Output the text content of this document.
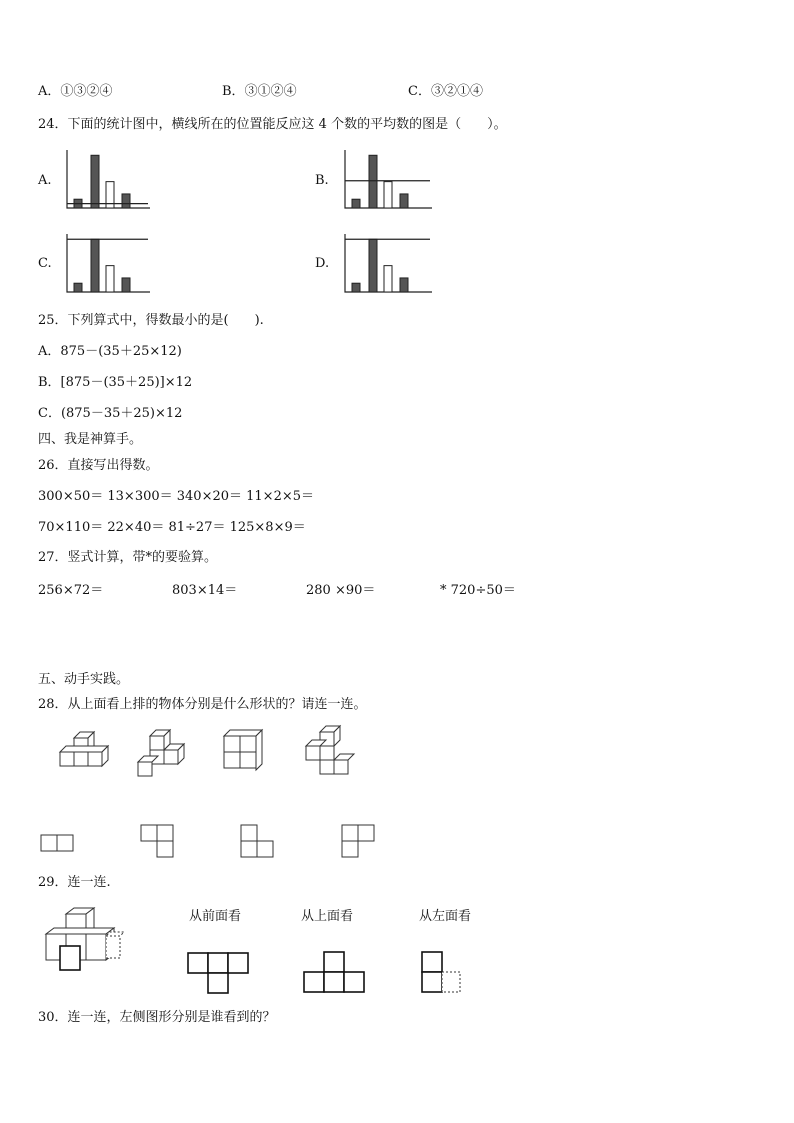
A．①③②④	B．③①②④	C．③②①④
24．下面的统计图中，横线所在的位置能反应这 4 个数的平均数的图是（　　）。
A.	B.
C.	D.
25．下列算式中，得数最小的是(　　).
A．875－(35＋25×12)
B．[875－(35＋25)]×12
C．(875－35＋25)×12
四、我是神算手。
26．直接写出得数。
300×50＝ 13×300＝ 340×20＝ 11×2×5＝
70×110＝ 22×40＝ 81÷27＝ 125×8×9＝
27．竖式计算，带*的要验算。
256×72＝	803×14＝	280 ×90＝	* 720÷50＝
五、动手实践。
28．从上面看上排的物体分别是什么形状的？请连一连。
29．连一连.
从前面看	从上面看	从左面看
30．连一连，左侧图形分别是谁看到的？
